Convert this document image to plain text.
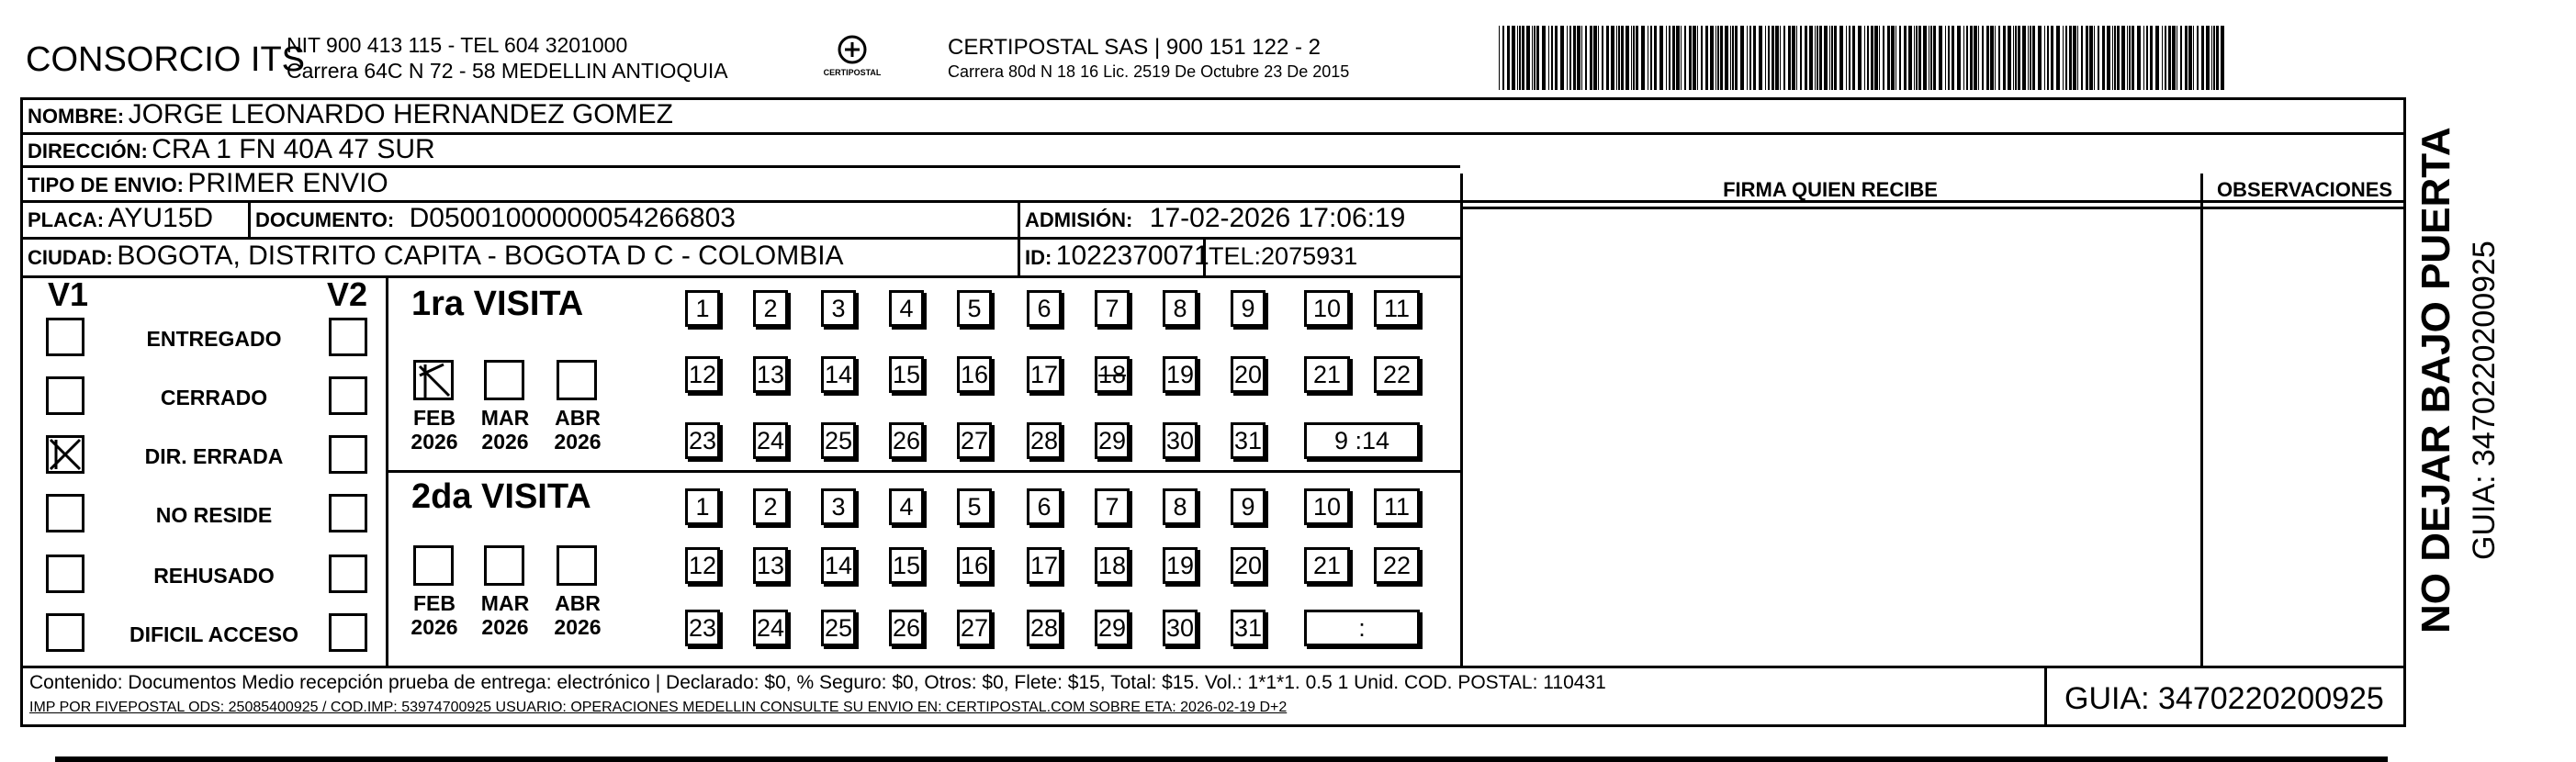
CONSORCIO ITS
NIT 900 413 115 - TEL 604 3201000
Carrera 64C N 72 - 58 MEDELLIN ANTIOQUIA	CERTIPOSTAL
CERTIPOSTAL SAS | 900 151 122 - 2
Carrera 80d N 18 16 Lic. 2519 De Octubre 23 De 2015
NOMBRE: JORGE LEONARDO HERNANDEZ GOMEZ
DIRECCIÓN: CRA 1 FN 40A 47 SUR
TIPO DE ENVIO: PRIMER ENVIO
PLACA: AYU15D DOCUMENTO: D05001000000054266803	ADMISIÓN: 17-02-2026 17:06:19
CIUDAD: BOGOTA, DISTRITO CAPITA - BOGOTA D C - COLOMBIA	ID: 1022370071 TEL:2075931
FIRMA QUIEN RECIBE	OBSERVACIONES
V1	V2
ENTREGADO
CERRADO
DIR. ERRADA
NO RESIDE
REHUSADO
DIFICIL ACCESO
1ra VISITA
FEB
2026
MAR
2026
ABR
2026
1	2	3	4	5	6	7	8	9	10	11
12 13 14 15 16 17 18 19 20	21	22
23 24 25 26 27 28 29 30 31	9 :14
2da VISITA
FEB
2026
MAR
2026
ABR
2026
1	2	3	4	5	6	7	8	9	10	11
12 13 14 15 16 17 18 19 20	21	22
23 24 25 26 27 28 29 30 31	:
Contenido: Documentos Medio recepción prueba de entrega: electrónico | Declarado: $0, % Seguro: $0, Otros: $0, Flete: $15, Total: $15. Vol.: 1*1*1. 0.5 1 Unid. COD. POSTAL: 110431
IMP POR FIVEPOSTAL ODS: 25085400925 / COD.IMP: 53974700925 USUARIO: OPERACIONES MEDELLIN CONSULTE SU ENVIO EN: CERTIPOSTAL.COM SOBRE ETA: 2026-02-19 D+2	GUIA: 3470220200925
NO DEJAR BAJO PUERTA GUIA: 3470220200925
